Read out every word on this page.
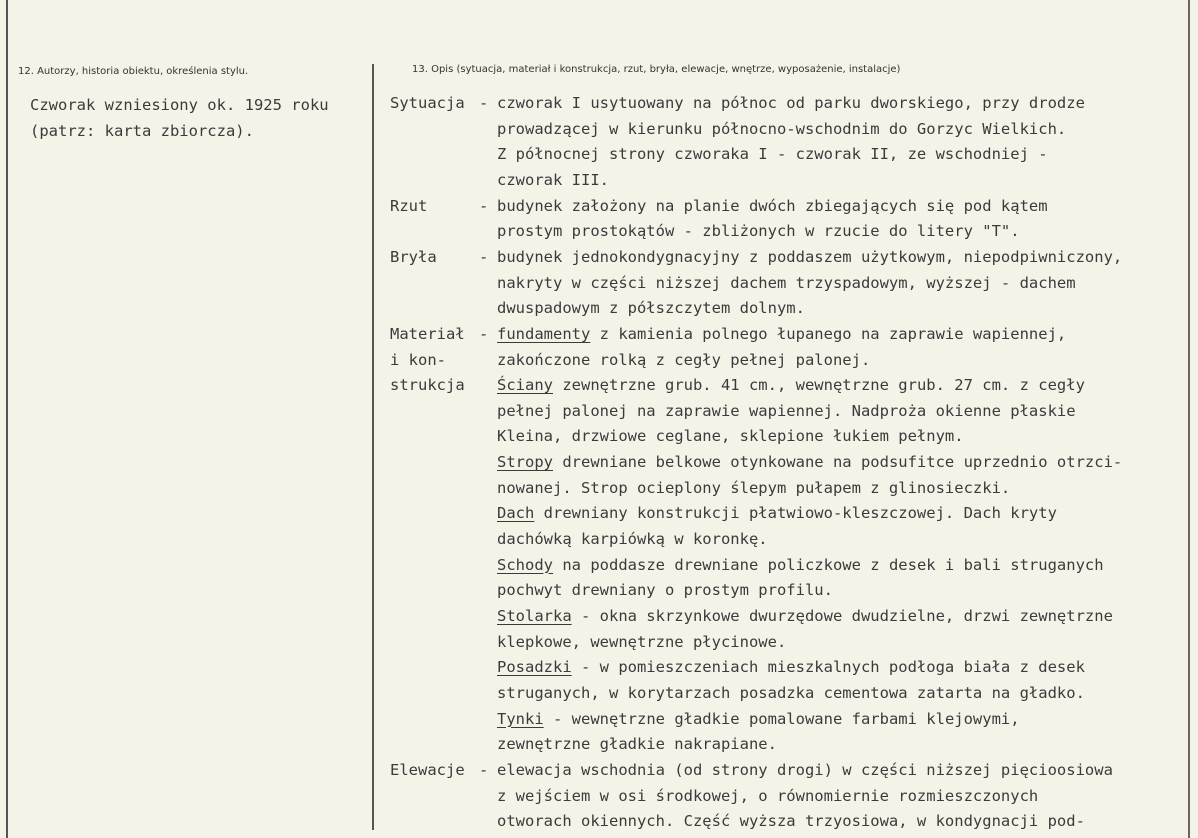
12. Autorzy, historia obiektu, określenia stylu.	13. Opis (sytuacja, materiał i konstrukcja, rzut, bryła, elewacje, wnętrze, wyposażenie, instalacje)
Czworak wzniesiony ok. 1925 roku
(patrz: karta zbiorcza).
Sytuacja - czworak I usytuowany na północ od parku dworskiego, przy drodze
prowadzącej w kierunku północno-wschodnim do Gorzyc Wielkich.
Z północnej strony czworaka I - czworak II, ze wschodniej -
czworak III.
Rzut	- budynek założony na planie dwóch zbiegających się pod kątem
prostym prostokątów - zbliżonych w rzucie do litery "T".
Bryła	- budynek jednokondygnacyjny z poddaszem użytkowym, niepodpiwniczony,
nakryty w części niższej dachem trzyspadowym, wyższej - dachem
dwuspadowym z półszczytem dolnym.
Materiał - fundamenty z kamienia polnego łupanego na zaprawie wapiennej,
i kon-	zakończone rolką z cegły pełnej palonej.
strukcja Ściany zewnętrzne grub. 41 cm., wewnętrzne grub. 27 cm. z cegły
pełnej palonej na zaprawie wapiennej. Nadproża okienne płaskie
Kleina, drzwiowe ceglane, sklepione łukiem pełnym.
Stropy drewniane belkowe otynkowane na podsufitce uprzednio otrzci-
nowanej. Strop ocieplony ślepym pułapem z glinosieczki.
Dach drewniany konstrukcji płatwiowo-kleszczowej. Dach kryty
dachówką karpiówką w koronkę.
Schody na poddasze drewniane policzkowe z desek i bali struganych
pochwyt drewniany o prostym profilu.
Stolarka - okna skrzynkowe dwurzędowe dwudzielne, drzwi zewnętrzne
klepkowe, wewnętrzne płycinowe.
Posadzki - w pomieszczeniach mieszkalnych podłoga biała z desek
struganych, w korytarzach posadzka cementowa zatarta na gładko.
Tynki - wewnętrzne gładkie pomalowane farbami klejowymi,
zewnętrzne gładkie nakrapiane.
Elewacje - elewacja wschodnia (od strony drogi) w części niższej pięcioosiowa
z wejściem w osi środkowej, o równomiernie rozmieszczonych
otworach okiennych. Część wyższa trzyosiowa, w kondygnacji pod-
